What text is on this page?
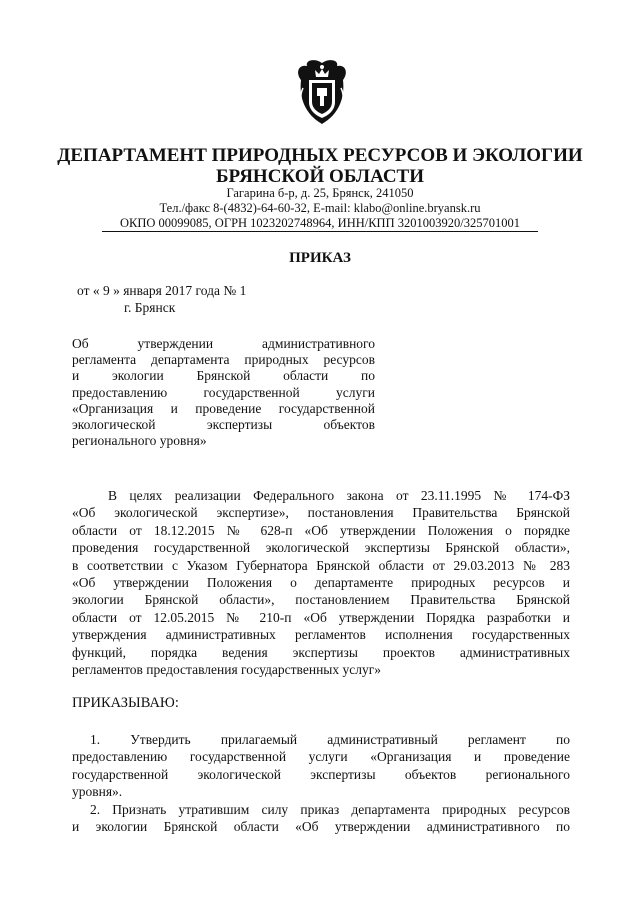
ДЕПАРТАМЕНТ ПРИРОДНЫХ РЕСУРСОВ И ЭКОЛОГИИ
БРЯНСКОЙ ОБЛАСТИ
Гагарина б-р, д. 25, Брянск, 241050
Тел./факс 8-(4832)-64-60-32, E-mail: klabo@online.bryansk.ru
ОКПО 00099085, ОГРН 1023202748964, ИНН/КПП 3201003920/325701001
ПРИКАЗ
от « 9 » января 2017 года № 1
г. Брянск
Об утверждении административного
регламента департамента природных ресурсов
и экологии Брянской области по
предоставлению государственной услуги
«Организация и проведение государственной
экологической экспертизы объектов
регионального уровня»
В целях реализации Федерального закона от 23.11.1995 № 174-ФЗ
«Об экологической экспертизе», постановления Правительства Брянской
области от 18.12.2015 № 628-п «Об утверждении Положения о порядке
проведения государственной экологической экспертизы Брянской области»,
в соответствии с Указом Губернатора Брянской области от 29.03.2013 № 283
«Об утверждении Положения о департаменте природных ресурсов и
экологии Брянской области», постановлением Правительства Брянской
области от 12.05.2015 № 210-п «Об утверждении Порядка разработки и
утверждения административных регламентов исполнения государственных
функций, порядка ведения экспертизы проектов административных
регламентов предоставления государственных услуг»
ПРИКАЗЫВАЮ:
1. Утвердить прилагаемый административный регламент по
предоставлению государственной услуги «Организация и проведение
государственной экологической экспертизы объектов регионального
уровня».
2. Признать утратившим силу приказ департамента природных ресурсов
и экологии Брянской области «Об утверждении административного по
